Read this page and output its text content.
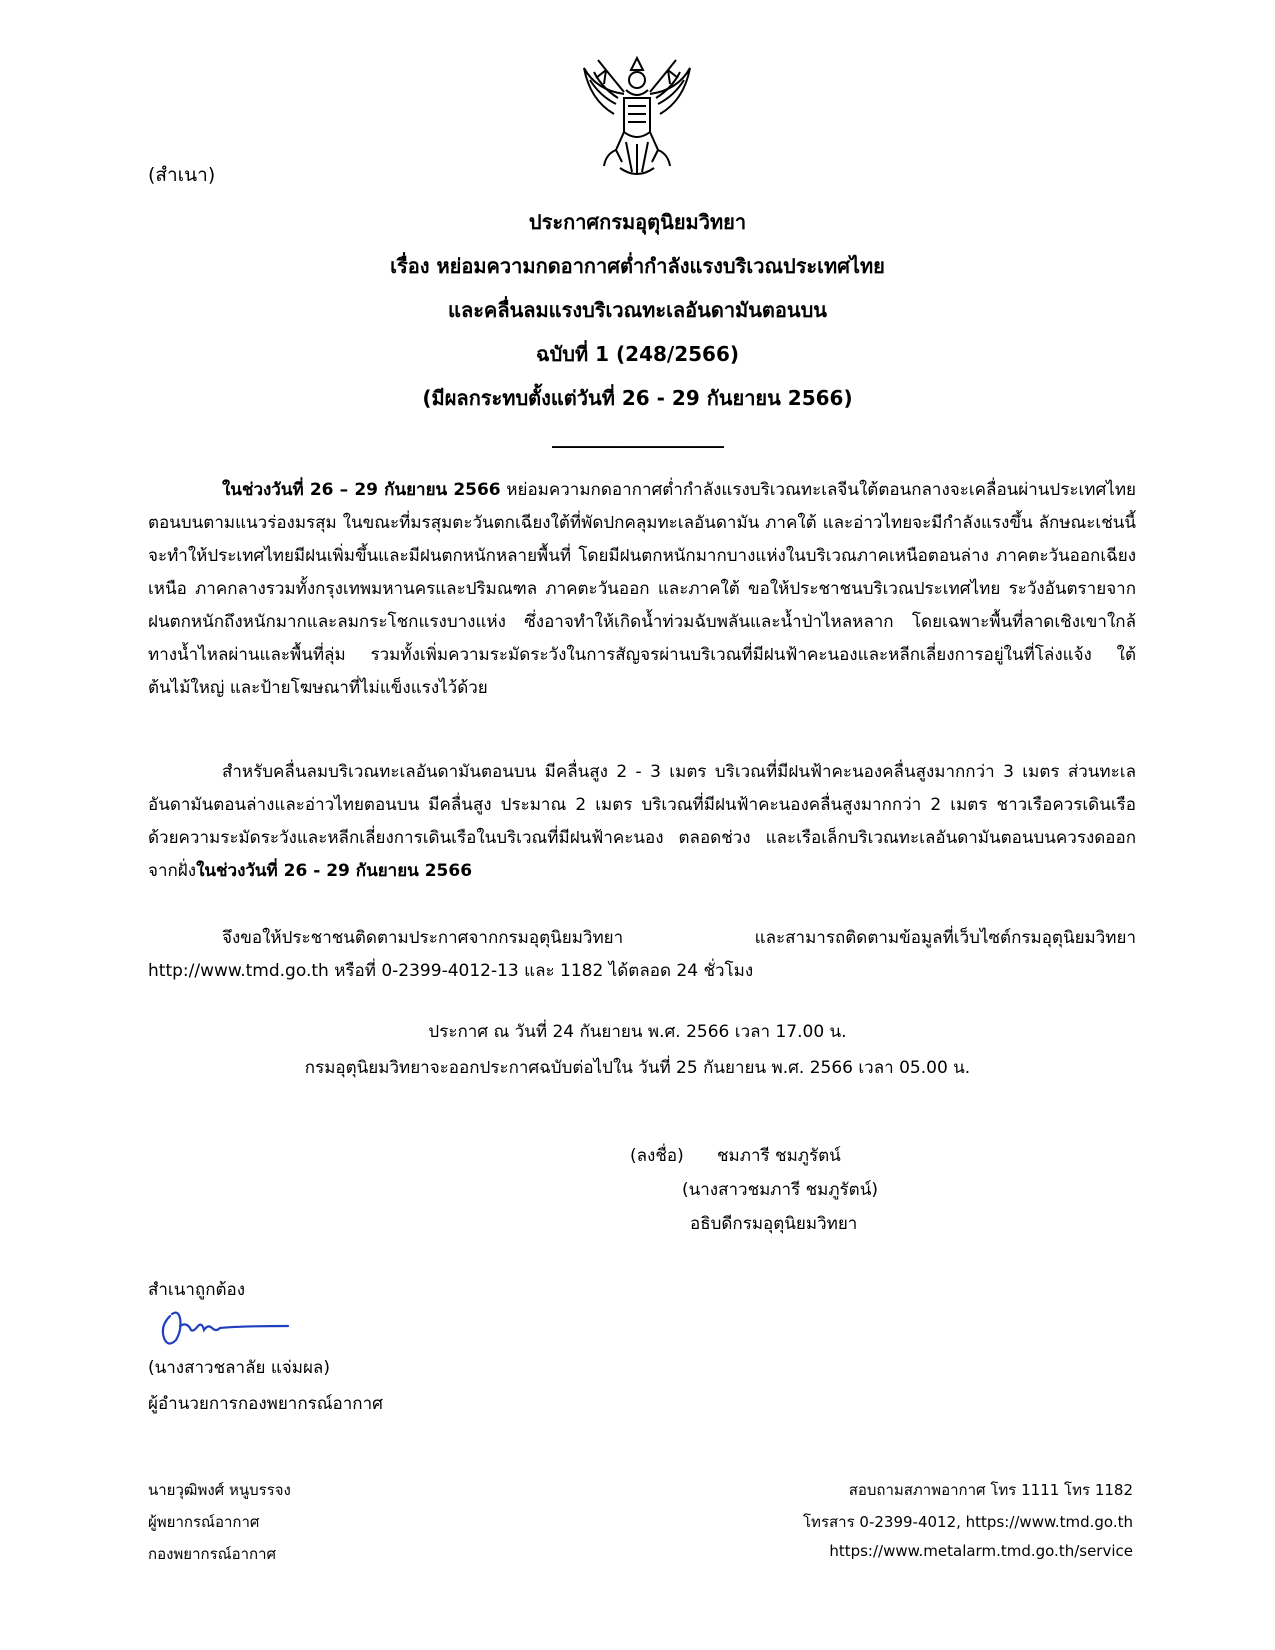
(สำเนา)
ประกาศกรมอุตุนิยมวิทยา
เรื่อง หย่อมความกดอากาศต่ำกำลังแรงบริเวณประเทศไทย
และคลื่นลมแรงบริเวณทะเลอันดามันตอนบน
ฉบับที่ 1 (248/2566)
(มีผลกระทบตั้งแต่วันที่ 26 - 29 กันยายน 2566)
___________________

ในช่วงวันที่ 26 – 29 กันยายน 2566 หย่อมความกดอากาศต่ำกำลังแรงบริเวณทะเลจีนใต้ตอนกลางจะเคลื่อนผ่านประเทศไทยตอนบนตามแนวร่องมรสุม ในขณะที่มรสุมตะวันตกเฉียงใต้ที่พัดปกคลุมทะเลอันดามัน ภาคใต้ และอ่าวไทยจะมีกำลังแรงขึ้น ลักษณะเช่นนี้จะทำให้ประเทศไทยมีฝนเพิ่มขึ้นและมีฝนตกหนักหลายพื้นที่ โดยมีฝนตกหนักมากบางแห่งในบริเวณภาคเหนือตอนล่าง ภาคตะวันออกเฉียงเหนือ ภาคกลางรวมทั้งกรุงเทพมหานครและปริมณฑล ภาคตะวันออก และภาคใต้ ขอให้ประชาชนบริเวณประเทศไทย ระวังอันตรายจากฝนตกหนักถึงหนักมากและลมกระโชกแรงบางแห่ง ซึ่งอาจทำให้เกิดน้ำท่วมฉับพลันและน้ำป่าไหลหลาก โดยเฉพาะพื้นที่ลาดเชิงเขาใกล้ทางน้ำไหลผ่านและพื้นที่ลุ่ม รวมทั้งเพิ่มความระมัดระวังในการสัญจรผ่านบริเวณที่มีฝนฟ้าคะนองและหลีกเลี่ยงการอยู่ในที่โล่งแจ้ง ใต้ต้นไม้ใหญ่ และป้ายโฆษณาที่ไม่แข็งแรงไว้ด้วย

สำหรับคลื่นลมบริเวณทะเลอันดามันตอนบน มีคลื่นสูง 2 - 3 เมตร บริเวณที่มีฝนฟ้าคะนองคลื่นสูงมากกว่า 3 เมตร ส่วนทะเลอันดามันตอนล่างและอ่าวไทยตอนบน มีคลื่นสูง ประมาณ 2 เมตร บริเวณที่มีฝนฟ้าคะนองคลื่นสูงมากกว่า 2 เมตร ชาวเรือควรเดินเรือด้วยความระมัดระวังและหลีกเลี่ยงการเดินเรือในบริเวณที่มีฝนฟ้าคะนอง ตลอดช่วง และเรือเล็กบริเวณทะเลอันดามันตอนบนควรงดออกจากฝั่งในช่วงวันที่ 26 - 29 กันยายน 2566

จึงขอให้ประชาชนติดตามประกาศจากกรมอุตุนิยมวิทยา และสามารถติดตามข้อมูลที่เว็บไซต์กรมอุตุนิยมวิทยา http://www.tmd.go.th หรือที่ 0-2399-4012-13 และ 1182 ได้ตลอด 24 ชั่วโมง

ประกาศ ณ วันที่ 24 กันยายน พ.ศ. 2566 เวลา 17.00 น.
กรมอุตุนิยมวิทยาจะออกประกาศฉบับต่อไปใน วันที่ 25 กันยายน พ.ศ. 2566 เวลา 05.00 น.
(ลงชื่อ) ชมภารี ชมภูรัตน์
(นางสาวชมภารี ชมภูรัตน์)
อธิบดีกรมอุตุนิยมวิทยา
สำเนาถูกต้อง
(นางสาวชลาลัย แจ่มผล)
ผู้อำนวยการกองพยากรณ์อากาศ
นายวุฒิพงศ์ หนูบรรจง
ผู้พยากรณ์อากาศ
กองพยากรณ์อากาศ
สอบถามสภาพอากาศ โทร 1111 โทร 1182
โทรสาร 0-2399-4012, https://www.tmd.go.th
https://www.metalarm.tmd.go.th/service
